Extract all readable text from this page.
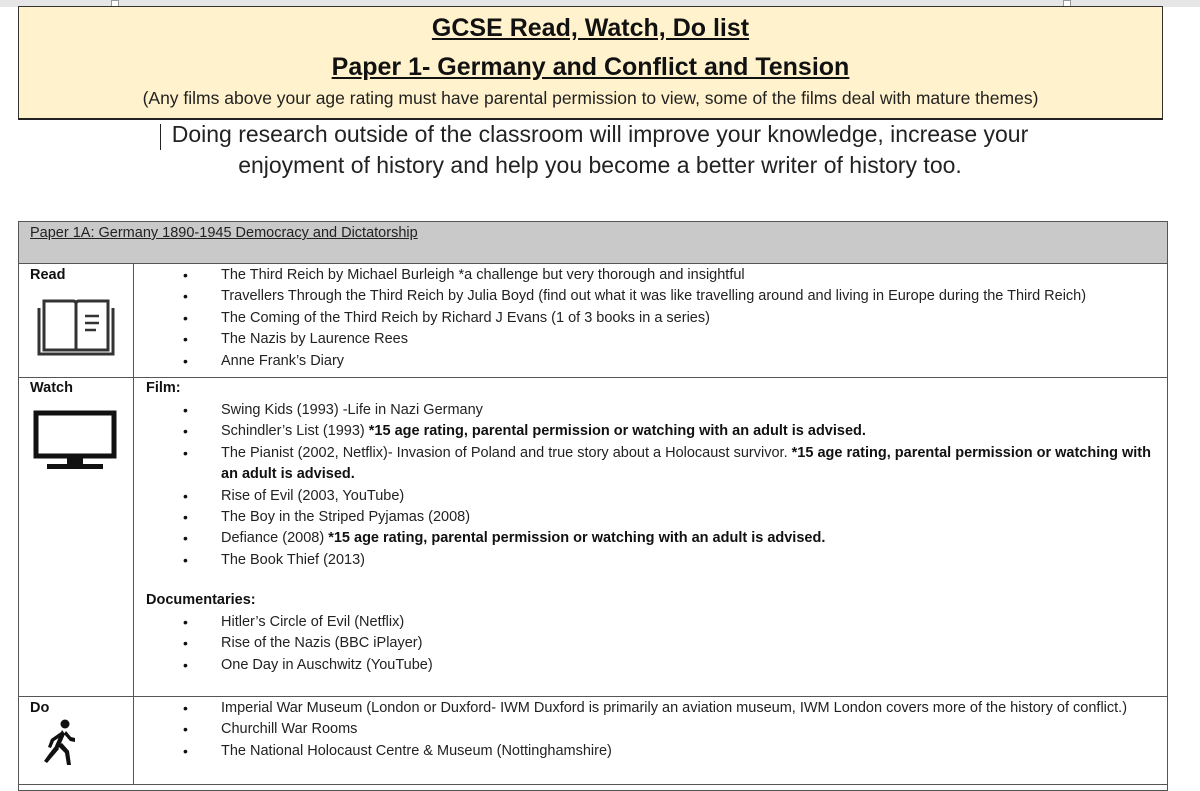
GCSE Read, Watch, Do list
Paper 1- Germany and Conflict and Tension
(Any films above your age rating must have parental permission to view, some of the films deal with mature themes)
Doing research outside of the classroom will improve your knowledge, increase your
enjoyment of history and help you become a better writer of history too.
Paper 1A: Germany 1890-1945 Democracy and Dictatorship
Read	• The Third Reich by Michael Burleigh *a challenge but very thorough and insightful
• Travellers Through the Third Reich by Julia Boyd (find out what it was like travelling around and living in Europe during the Third Reich)
• The Coming of the Third Reich by Richard J Evans (1 of 3 books in a series)
• The Nazis by Laurence Rees
• Anne Frank’s Diary
Watch	Film:
• Swing Kids (1993) -Life in Nazi Germany
• Schindler’s List (1993) *15 age rating, parental permission or watching with an adult is advised.
• The Pianist (2002, Netflix)- Invasion of Poland and true story about a Holocaust survivor. *15 age rating, parental permission or watching with an adult is advised.
• Rise of Evil (2003, YouTube)
• The Boy in the Striped Pyjamas (2008)
• Defiance (2008) *15 age rating, parental permission or watching with an adult is advised.
• The Book Thief (2013)
Documentaries:
• Hitler’s Circle of Evil (Netflix)
• Rise of the Nazis (BBC iPlayer)
• One Day in Auschwitz (YouTube)
Do	• Imperial War Museum (London or Duxford- IWM Duxford is primarily an aviation museum, IWM London covers more of the history of conflict.)
• Churchill War Rooms
• The National Holocaust Centre & Museum (Nottinghamshire)
